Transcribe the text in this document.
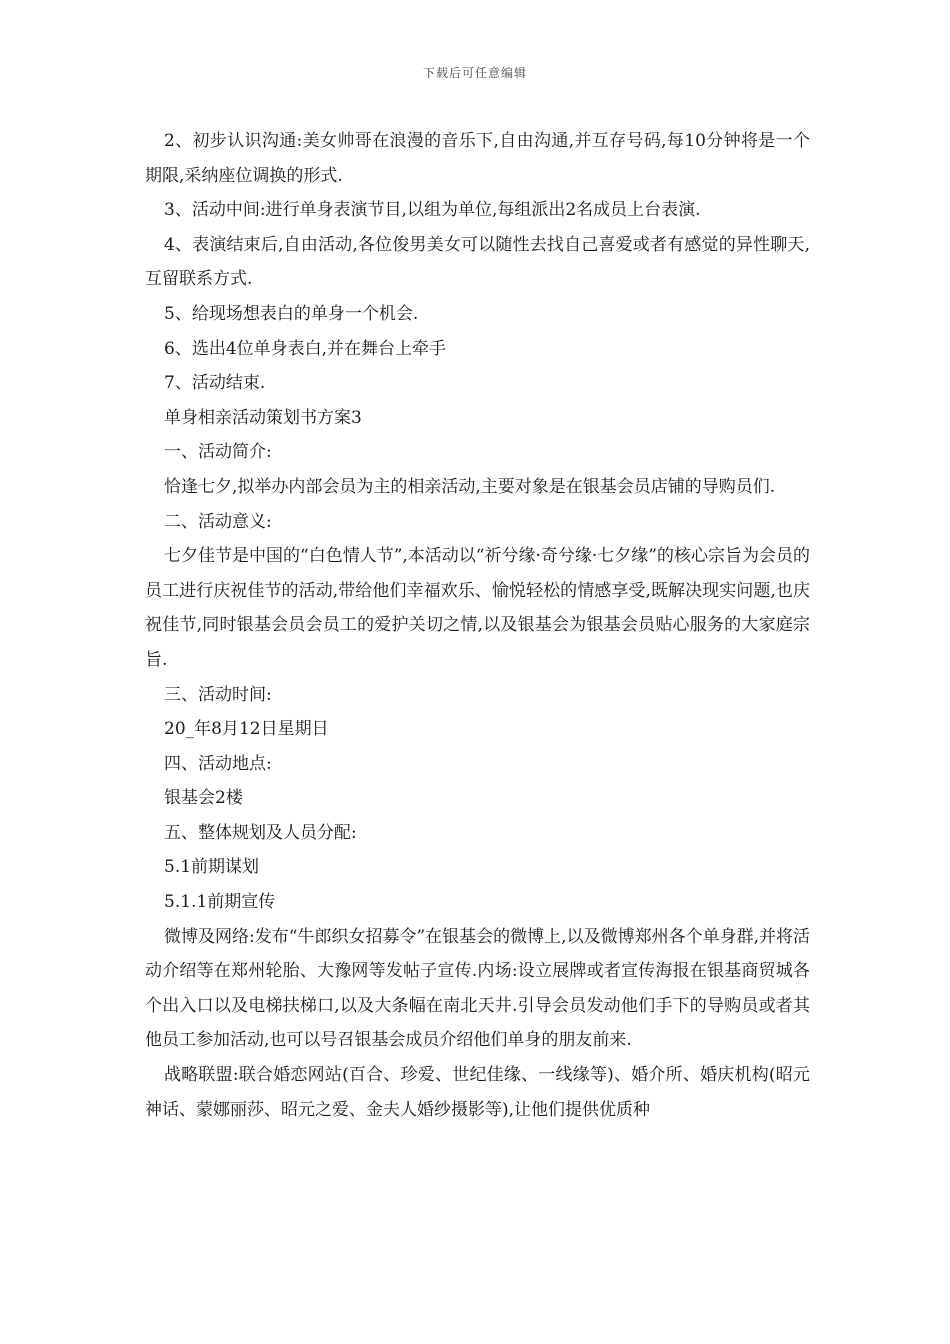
下载后可任意编辑

2、初步认识沟通:美女帅哥在浪漫的音乐下,自由沟通,并互存号码,每10分钟将是一个期限,采纳座位调换的形式.

3、活动中间:进行单身表演节目,以组为单位,每组派出2名成员上台表演.

4、表演结束后,自由活动,各位俊男美女可以随性去找自己喜爱或者有感觉的异性聊天,互留联系方式.

5、给现场想表白的单身一个机会.

6、选出4位单身表白,并在舞台上牵手

7、活动结束.

单身相亲活动策划书方案3

一、活动简介:

恰逢七夕,拟举办内部会员为主的相亲活动,主要对象是在银基会员店铺的导购员们.

二、活动意义:

七夕佳节是中国的“白色情人节”,本活动以“祈兮缘·奇兮缘·七夕缘”的核心宗旨为会员的员工进行庆祝佳节的活动,带给他们幸福欢乐、愉悦轻松的情感享受,既解决现实问题,也庆祝佳节,同时银基会员会员工的爱护关切之情,以及银基会为银基会员贴心服务的大家庭宗旨.

三、活动时间:

20_年8月12日星期日

四、活动地点:

银基会2楼

五、整体规划及人员分配:

5.1前期谋划

5.1.1前期宣传

微博及网络:发布“牛郎织女招募令”在银基会的微博上,以及微博郑州各个单身群,并将活动介绍等在郑州轮胎、大豫网等发帖子宣传.内场:设立展牌或者宣传海报在银基商贸城各个出入口以及电梯扶梯口,以及大条幅在南北天井.引导会员发动他们手下的导购员或者其他员工参加活动,也可以号召银基会成员介绍他们单身的朋友前来.

战略联盟:联合婚恋网站(百合、珍爱、世纪佳缘、一线缘等)、婚介所、婚庆机构(昭元神话、蒙娜丽莎、昭元之爱、金夫人婚纱摄影等),让他们提供优质种
